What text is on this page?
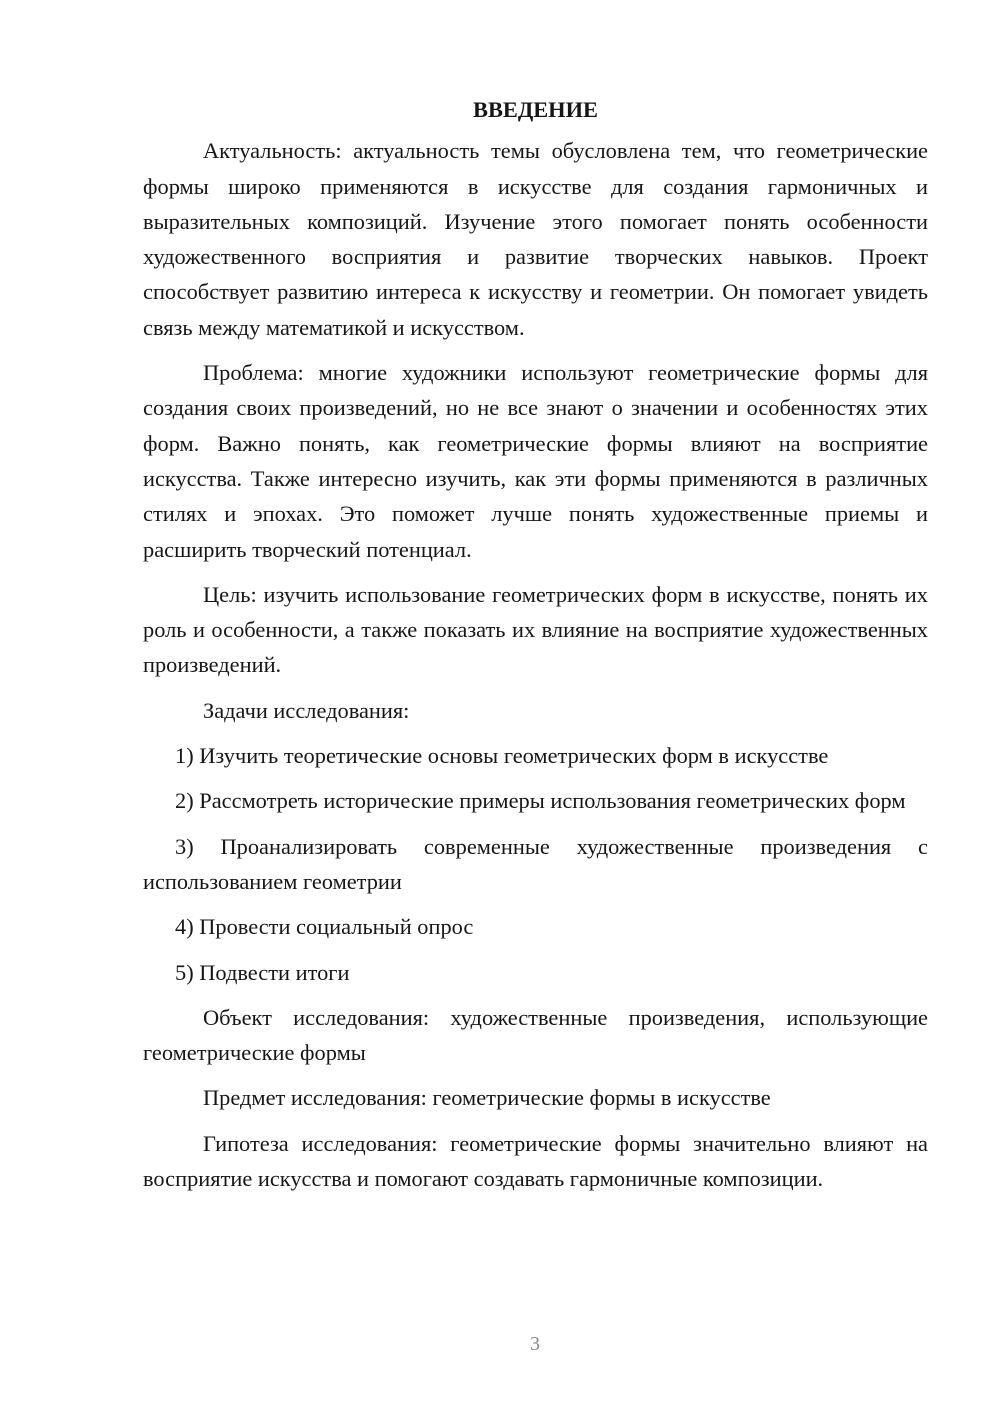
ВВЕДЕНИЕ

Актуальность: актуальность темы обусловлена тем, что геометрические формы широко применяются в искусстве для создания гармоничных и выразительных композиций. Изучение этого помогает понять особенности художественного восприятия и развитие творческих навыков. Проект способствует развитию интереса к искусству и геометрии. Он помогает увидеть связь между математикой и искусством.

Проблема: многие художники используют геометрические формы для создания своих произведений, но не все знают о значении и особенностях этих форм. Важно понять, как геометрические формы влияют на восприятие искусства. Также интересно изучить, как эти формы применяются в различных стилях и эпохах. Это поможет лучше понять художественные приемы и расширить творческий потенциал.

Цель: изучить использование геометрических форм в искусстве, понять их роль и особенности, а также показать их влияние на восприятие художественных произведений.

Задачи исследования:

1) Изучить теоретические основы геометрических форм в искусстве
2) Рассмотреть исторические примеры использования геометрических форм
3) Проанализировать современные художественные произведения с использованием геометрии
4) Провести социальный опрос
5) Подвести итоги

Объект исследования: художественные произведения, использующие геометрические формы

Предмет исследования: геометрические формы в искусстве

Гипотеза исследования: геометрические формы значительно влияют на восприятие искусства и помогают создавать гармоничные композиции.

3
